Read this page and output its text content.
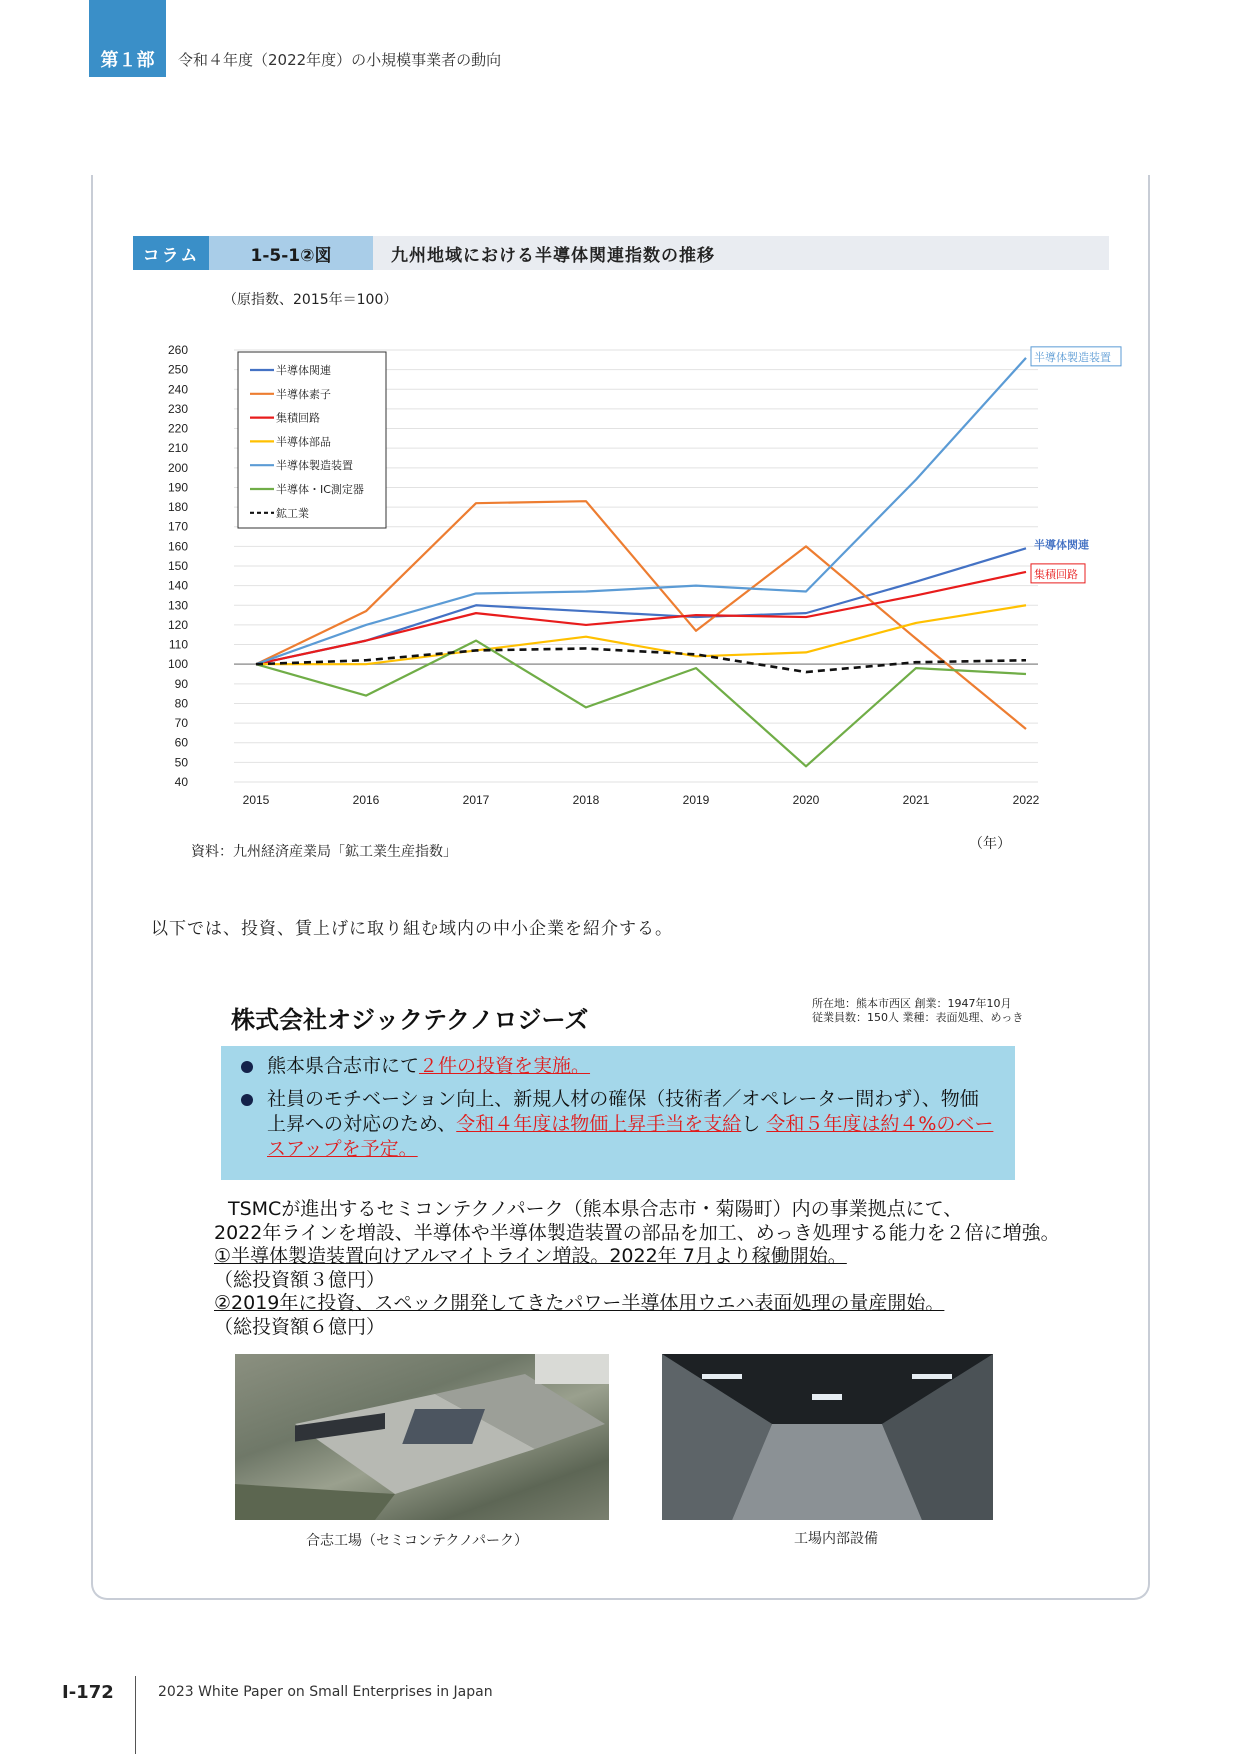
第１部 令和４年度（2022年度）の小規模事業者の動向
コラム	1-5-1②図	九州地域における半導体関連指数の推移
（原指数、2015年＝100）
40
50
60
70
80
90
100
110
120
130
140
150
160
170
180
190
200
210
220
230
240
250
260
2015	2016	2017	2018	2019	2020	2021	2022
半導体関連
半導体素子
集積回路
半導体部品
半導体製造装置
半導体・IC測定器
鉱工業
半導体製造装置
半導体関連
集積回路
（年）
資料：九州経済産業局「鉱工業生産指数」
以下では、投資、賃上げに取り組む域内の中小企業を紹介する。
株式会社オジックテクノロジーズ
所在地：熊本市西区 創業：1947年10月
従業員数：150人 業種：表面処理、めっき
熊本県合志市にて２件の投資を実施。
社員のモチベーション向上、新規人材の確保（技術者／オペレーター問わず）、物価上昇への対応のため、令和４年度は物価上昇手当を支給し 令和５年度は約４%のベースアップを予定。
TSMCが進出するセミコンテクノパーク（熊本県合志市・菊陽町）内の事業拠点にて、
2022年ラインを増設、半導体や半導体製造装置の部品を加工、めっき処理する能力を２倍に増強。
①半導体製造装置向けアルマイトライン増設。2022年 7月より稼働開始。
（総投資額３億円）
②2019年に投資、スペック開発してきたパワー半導体用ウエハ表面処理の量産開始。
（総投資額６億円）
合志工場（セミコンテクノパーク）	工場内部設備
Ⅰ-172	2023 White Paper on Small Enterprises in Japan
